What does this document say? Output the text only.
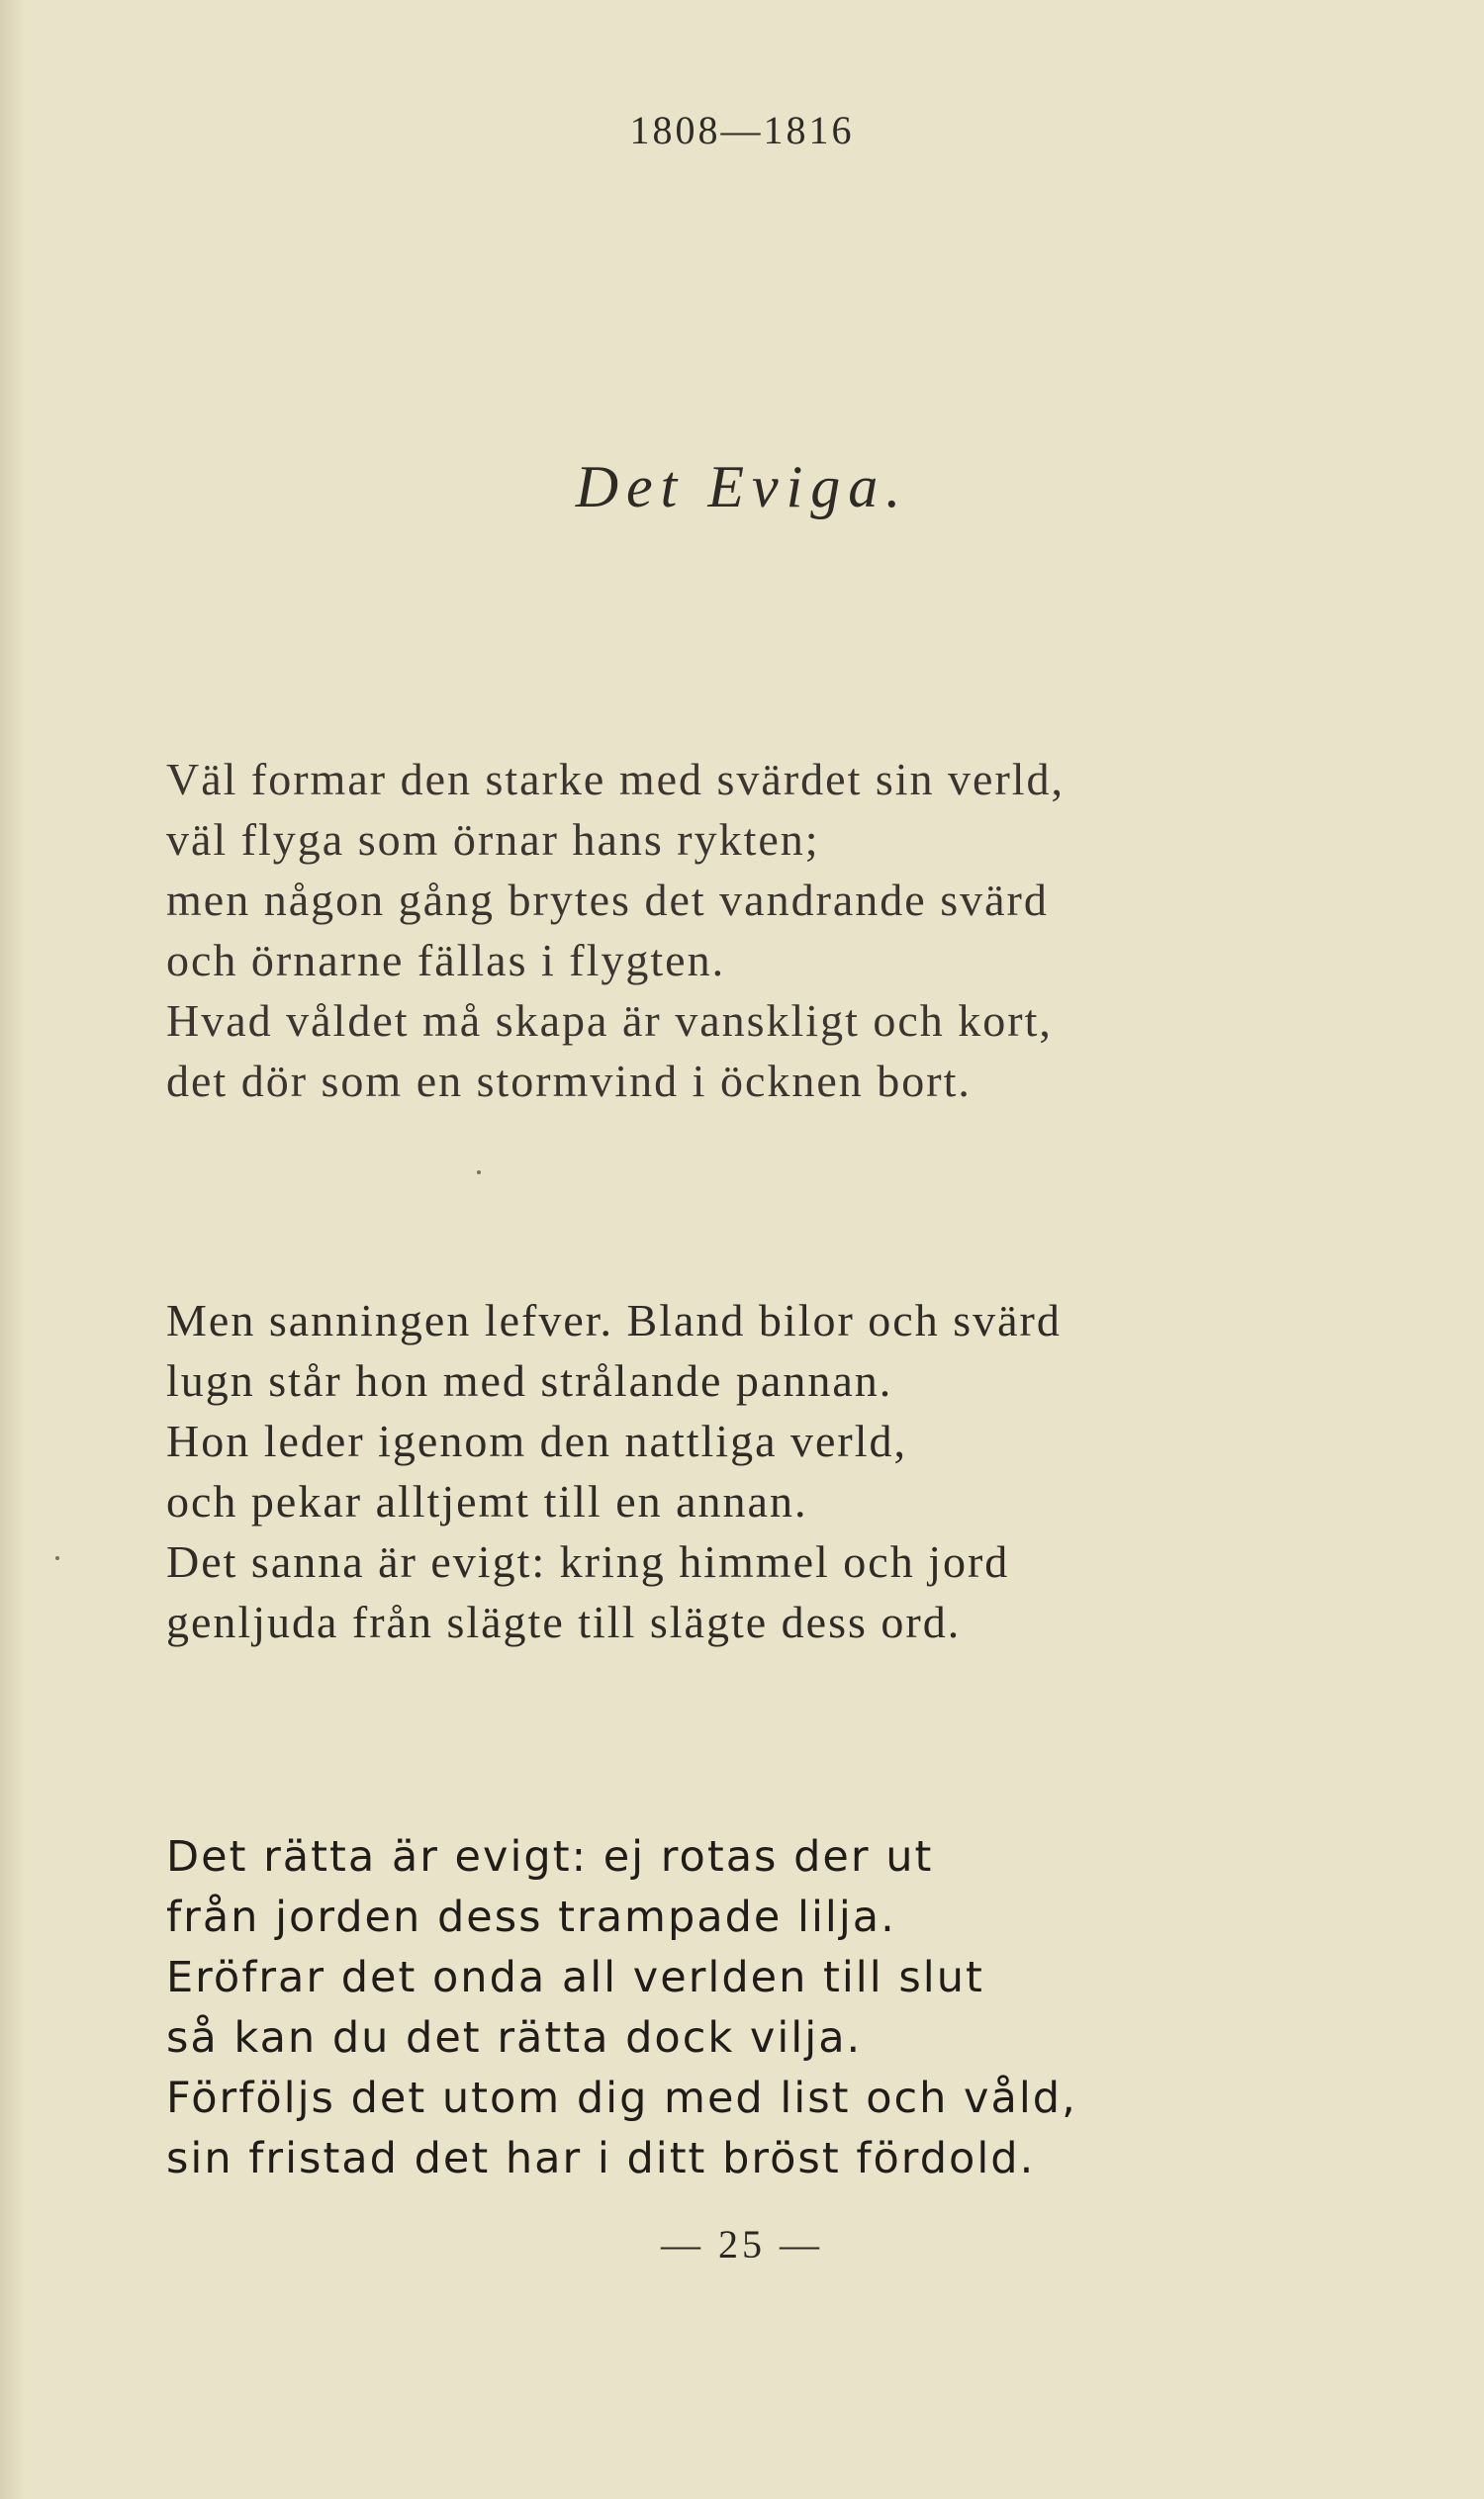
1808—1816
Det Eviga.
Väl formar den starke med svärdet sin verld,
väl flyga som örnar hans rykten;
men någon gång brytes det vandrande svärd
och örnarne fällas i flygten.
Hvad våldet må skapa är vanskligt och kort,
det dör som en stormvind i öcknen bort.
Men sanningen lefver. Bland bilor och svärd
lugn står hon med strålande pannan.
Hon leder igenom den nattliga verld,
och pekar alltjemt till en annan.
Det sanna är evigt: kring himmel och jord
genljuda från slägte till slägte dess ord.
Det rätta är evigt: ej rotas der ut
från jorden dess trampade lilja.
Eröfrar det onda all verlden till slut
så kan du det rätta dock vilja.
Förföljs det utom dig med list och våld,
sin fristad det har i ditt bröst fördold.
— 25 —
